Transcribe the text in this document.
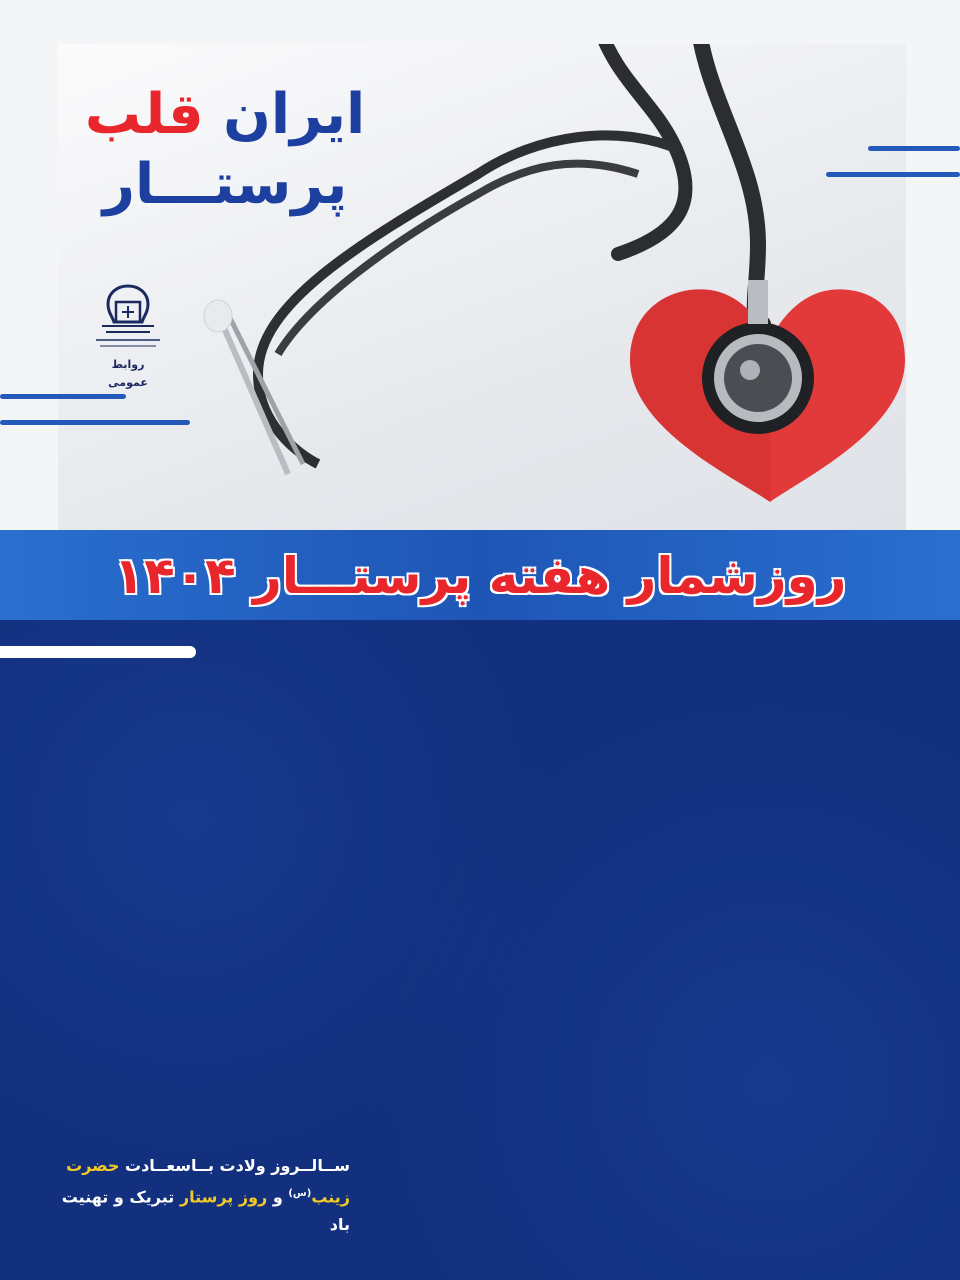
ایران قلب
پرستـــار
روابط عمومی
روزشمار هفته پرستـــار ۱۴۰۴
ســالــروز ولادت بــاسعــادت حضرت
زینب$^{(س)}$ و روز پرستار تبریک و تهنیت باد
